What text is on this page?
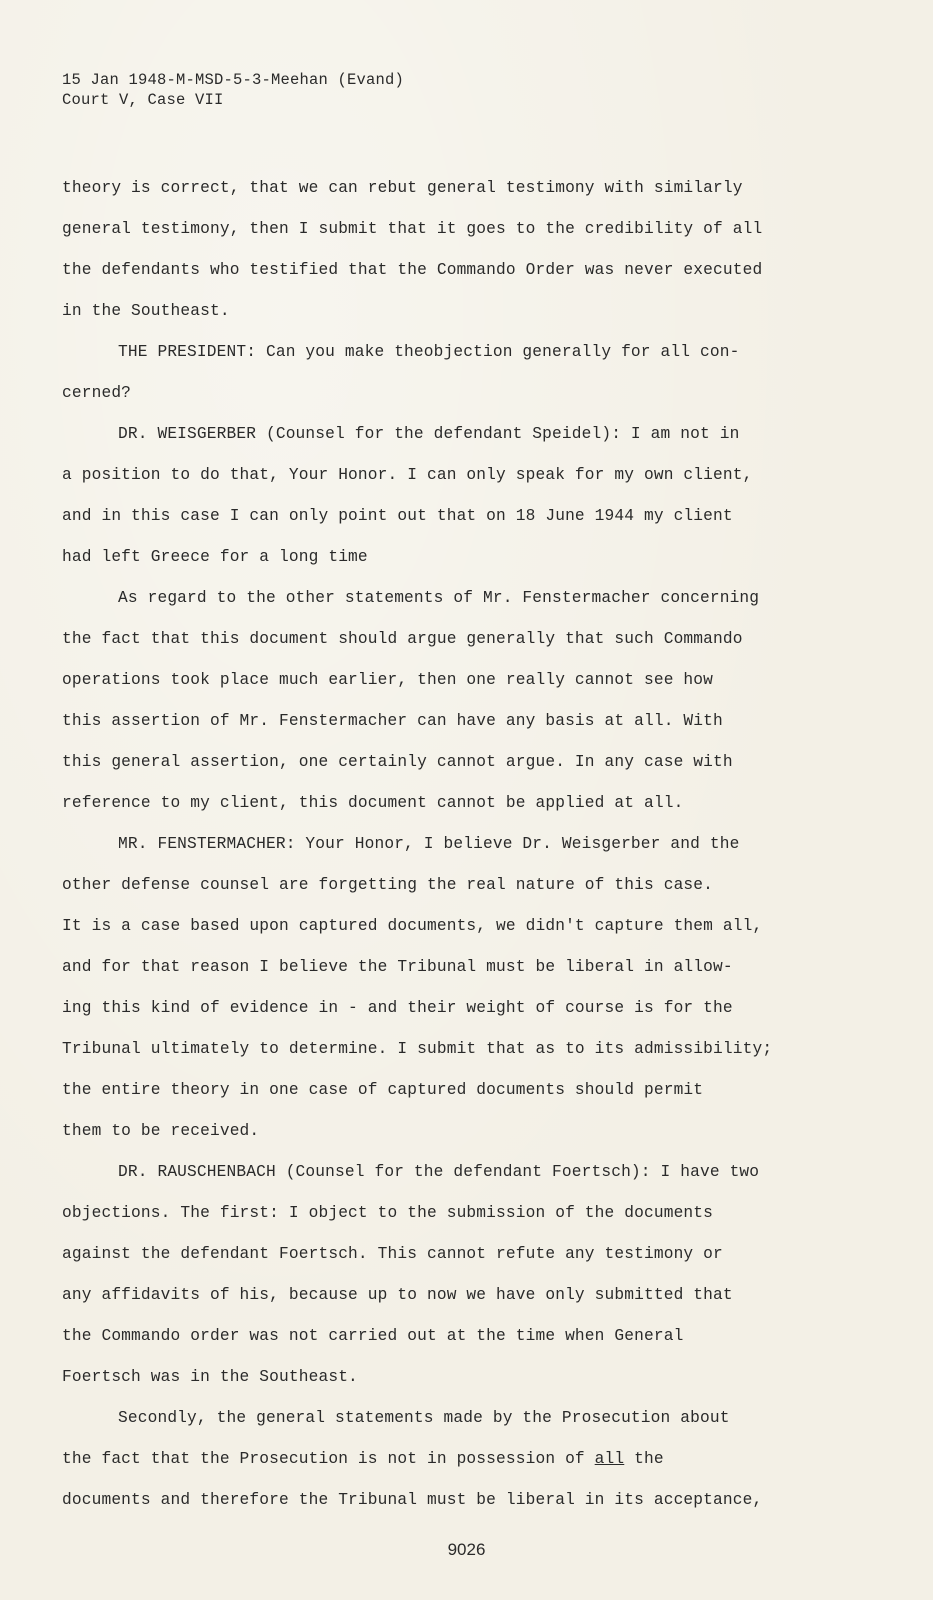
15 Jan 1948-M-MSD-5-3-Meehan (Evand)
Court V, Case VII
theory is correct, that we can rebut general testimony with similarly
general testimony, then I submit that it goes to the credibility of all
the defendants who testified that the Commando Order was never executed
in the Southeast.
THE PRESIDENT: Can you make theobjection generally for all con-
cerned?
DR. WEISGERBER (Counsel for the defendant Speidel): I am not in
a position to do that, Your Honor. I can only speak for my own client,
and in this case I can only point out that on 18 June 1944 my client
had left Greece for a long time
As regard to the other statements of Mr. Fenstermacher concerning
the fact that this document should argue generally that such Commando
operations took place much earlier, then one really cannot see how
this assertion of Mr. Fenstermacher can have any basis at all. With
this general assertion, one certainly cannot argue. In any case with
reference to my client, this document cannot be applied at all.
MR. FENSTERMACHER: Your Honor, I believe Dr. Weisgerber and the
other defense counsel are forgetting the real nature of this case.
It is a case based upon captured documents, we didn't capture them all,
and for that reason I believe the Tribunal must be liberal in allow-
ing this kind of evidence in - and their weight of course is for the
Tribunal ultimately to determine. I submit that as to its admissibility;
the entire theory in one case of captured documents should permit
them to be received.
DR. RAUSCHENBACH (Counsel for the defendant Foertsch): I have two
objections. The first: I object to the submission of the documents
against the defendant Foertsch. This cannot refute any testimony or
any affidavits of his, because up to now we have only submitted that
the Commando order was not carried out at the time when General
Foertsch was in the Southeast.
Secondly, the general statements made by the Prosecution about
the fact that the Prosecution is not in possession of all the
documents and therefore the Tribunal must be liberal in its acceptance,
9026
